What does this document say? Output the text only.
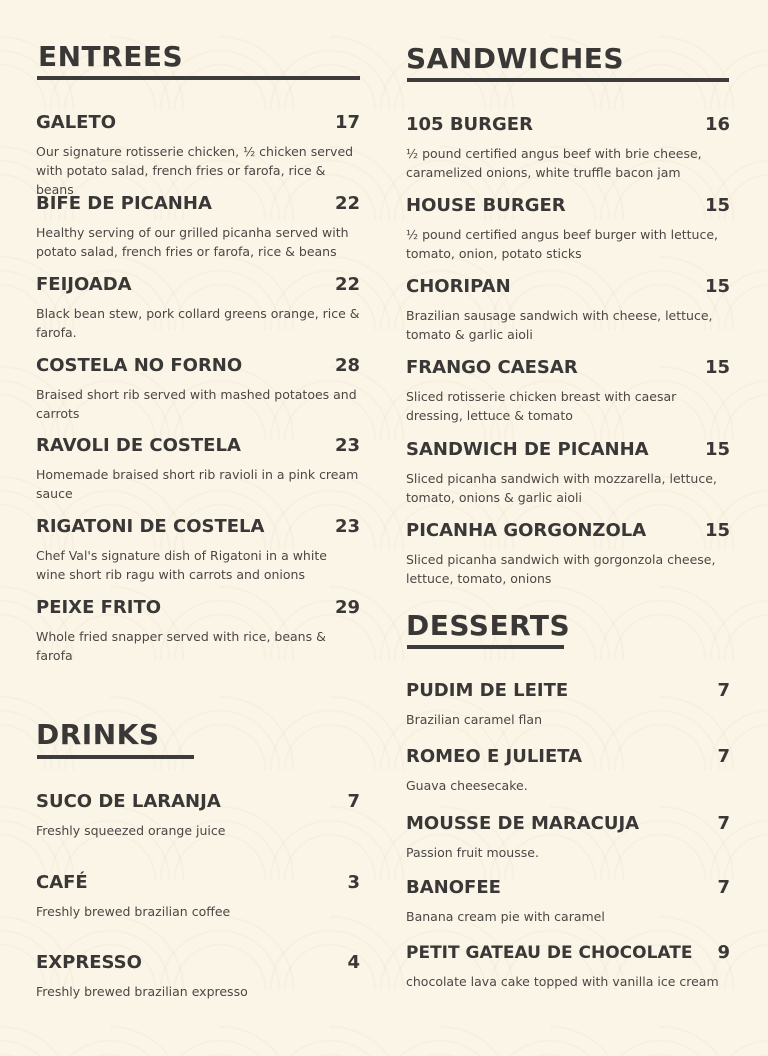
ENTREES
GALETO	17
Our signature rotisserie chicken, ½ chicken served with potato salad, french fries or farofa, rice & beans
BIFE DE PICANHA	22
Healthy serving of our grilled picanha served with potato salad, french fries or farofa, rice & beans
FEIJOADA	22
Black bean stew, pork collard greens orange, rice & farofa.
COSTELA NO FORNO	28
Braised short rib served with mashed potatoes and carrots
RAVOLI DE COSTELA	23
Homemade braised short rib ravioli in a pink cream sauce
RIGATONI DE COSTELA	23
Chef Val's signature dish of Rigatoni in a white wine short rib ragu with carrots and onions
PEIXE FRITO	29
Whole fried snapper served with rice, beans & farofa
DRINKS
SUCO DE LARANJA	7
Freshly squeezed orange juice
CAFÉ	3
Freshly brewed brazilian coffee
EXPRESSO	4
Freshly brewed brazilian expresso
SANDWICHES
105 BURGER	16
½ pound certified angus beef with brie cheese, caramelized onions, white truffle bacon jam
HOUSE BURGER	15
½ pound certified angus beef burger with lettuce, tomato, onion, potato sticks
CHORIPAN	15
Brazilian sausage sandwich with cheese, lettuce, tomato & garlic aioli
FRANGO CAESAR	15
Sliced rotisserie chicken breast with caesar dressing, lettuce & tomato
SANDWICH DE PICANHA	15
Sliced picanha sandwich with mozzarella, lettuce, tomato, onions & garlic aioli
PICANHA GORGONZOLA	15
Sliced picanha sandwich with gorgonzola cheese, lettuce, tomato, onions
DESSERTS
PUDIM DE LEITE	7
Brazilian caramel flan
ROMEO E JULIETA	7
Guava cheesecake.
MOUSSE DE MARACUJA	7
Passion fruit mousse.
BANOFEE	7
Banana cream pie with caramel
PETIT GATEAU DE CHOCOLATE 9
chocolate lava cake topped with vanilla ice cream
